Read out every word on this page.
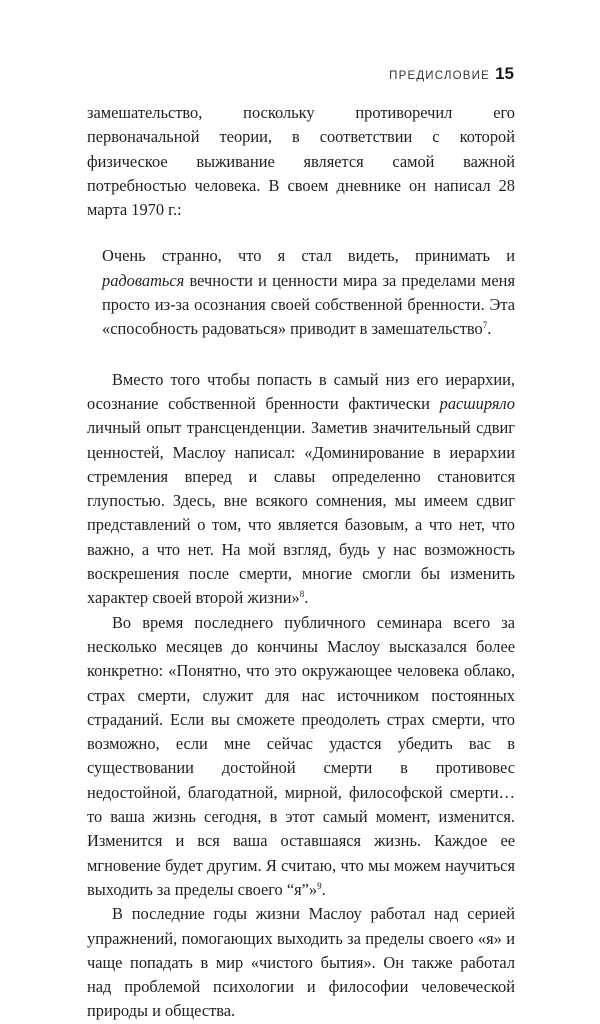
ПРЕДИСЛОВИЕ 15

замешательство, поскольку противоречил его первоначальной теории, в соответствии с которой физическое выживание является самой важной потребностью человека. В своем дневнике он написал 28 марта 1970 г.:

Очень странно, что я стал видеть, принимать и радоваться вечности и ценности мира за пределами меня просто из-за осознания своей собственной бренности. Эта «способность радоваться» приводит в замешательство$^7$.

Вместо того чтобы попасть в самый низ его иерархии, осознание собственной бренности фактически расширяло личный опыт трансценденции. Заметив значительный сдвиг ценностей, Маслоу написал: «Доминирование в иерархии стремления вперед и славы определенно становится глупостью. Здесь, вне всякого сомнения, мы имеем сдвиг представлений о том, что является базовым, а что нет, что важно, а что нет. На мой взгляд, будь у нас возможность воскрешения после смерти, многие смогли бы изменить характер своей второй жизни»$^8$.

Во время последнего публичного семинара всего за несколько месяцев до кончины Маслоу высказался более конкретно: «Понятно, что это окружающее человека облако, страх смерти, служит для нас источником постоянных страданий. Если вы сможете преодолеть страх смерти, что возможно, если мне сейчас удастся убедить вас в существовании достойной смерти в противовес недостойной, благодатной, мирной, философской смерти… то ваша жизнь сегодня, в этот самый момент, изменится. Изменится и вся ваша оставшаяся жизнь. Каждое ее мгновение будет другим. Я считаю, что мы можем научиться выходить за пределы своего “я”»$^9$.

В последние годы жизни Маслоу работал над серией упражнений, помогающих выходить за пределы своего «я» и чаще попадать в мир «чистого бытия». Он также работал над проблемой психологии и философии человеческой природы и общества.
